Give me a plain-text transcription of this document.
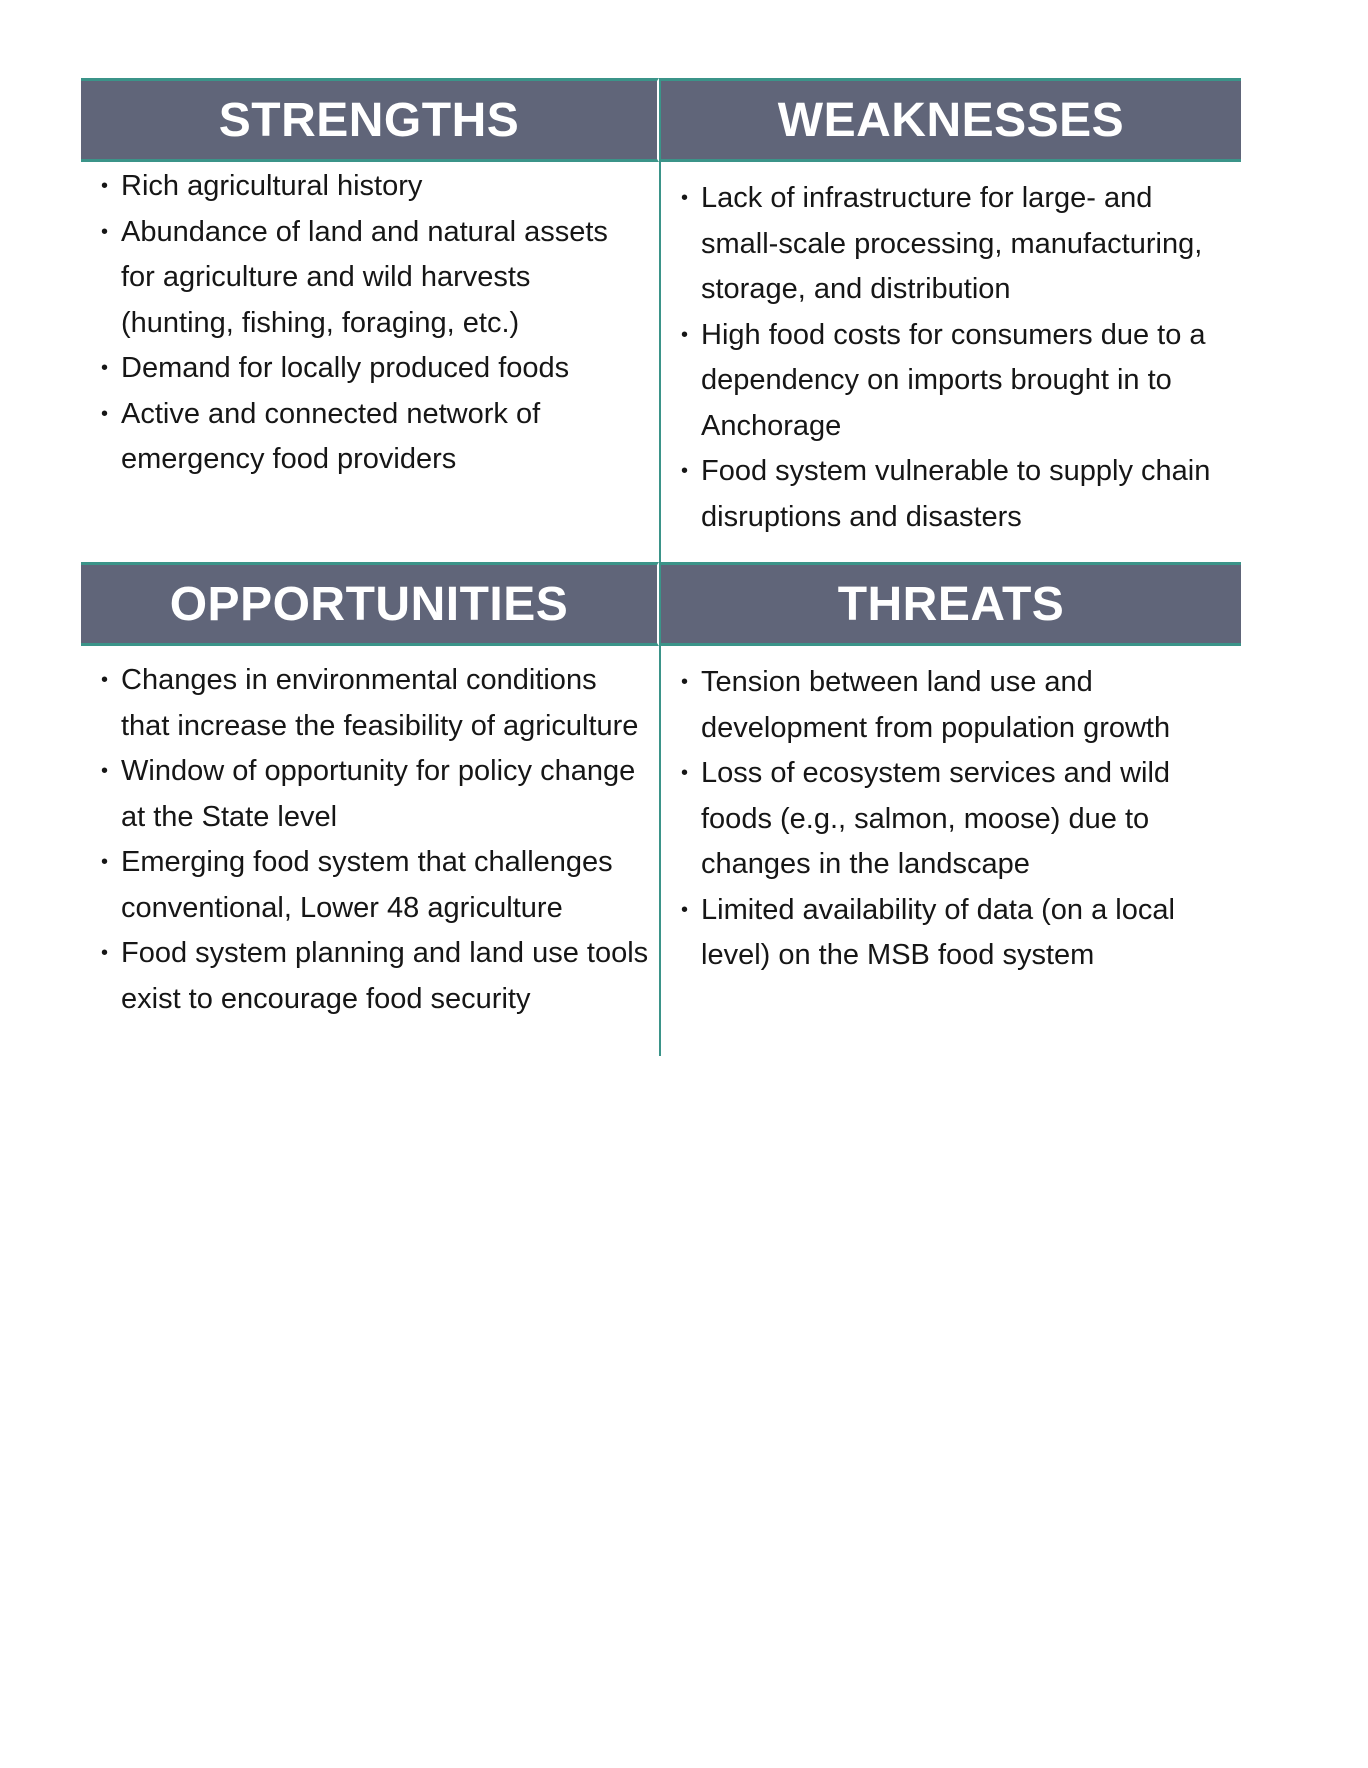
STRENGTHS
• Rich agricultural history
• Abundance of land and natural assets for agriculture and wild harvests (hunting, fishing, foraging, etc.)
• Demand for locally produced foods
• Active and connected network of emergency food providers
WEAKNESSES
• Lack of infrastructure for large- and small-scale processing, manufacturing, storage, and distribution
• High food costs for consumers due to a dependency on imports brought in to Anchorage
• Food system vulnerable to supply chain disruptions and disasters
OPPORTUNITIES
• Changes in environmental conditions that increase the feasibility of agriculture
• Window of opportunity for policy change at the State level
• Emerging food system that challenges conventional, Lower 48 agriculture
• Food system planning and land use tools exist to encourage food security
THREATS
• Tension between land use and development from population growth
• Loss of ecosystem services and wild foods (e.g., salmon, moose) due to changes in the landscape
• Limited availability of data (on a local level) on the MSB food system
